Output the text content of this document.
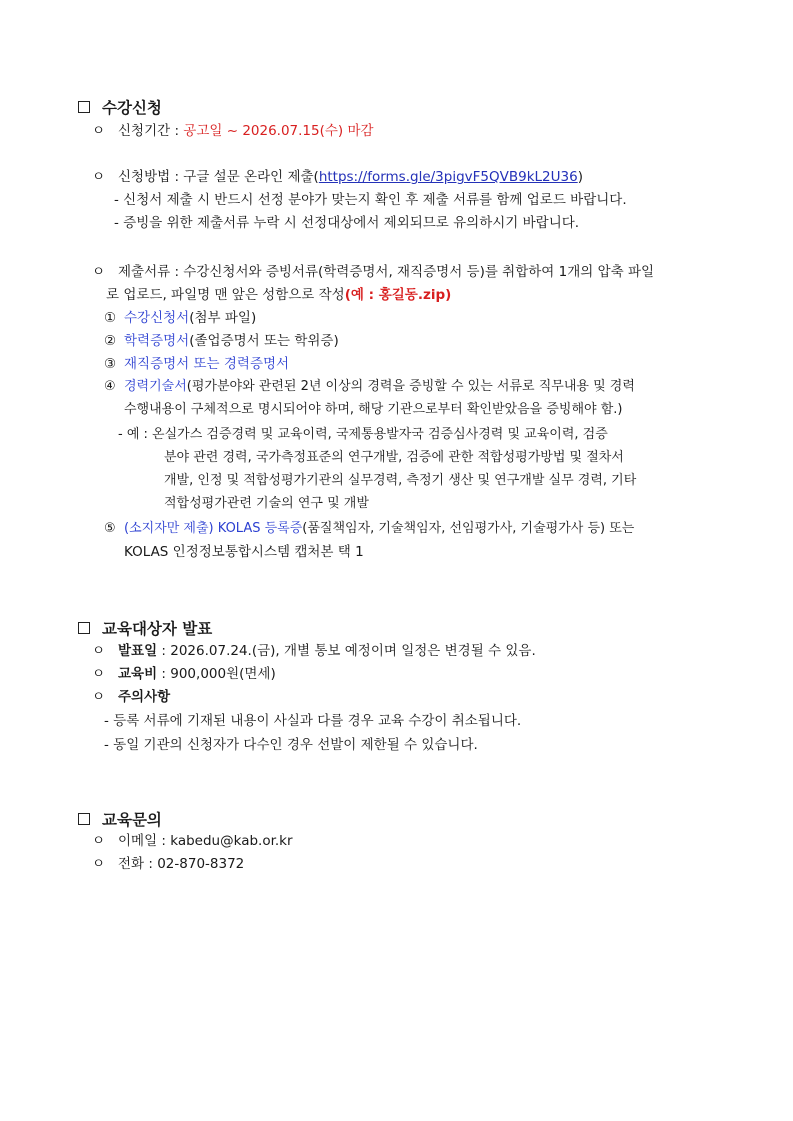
수강신청
ㅇ 신청기간 : 공고일 ~ 2026.07.15(수) 마감
ㅇ 신청방법 : 구글 설문 온라인 제출(https://forms.gle/3pigvF5QVB9kL2U36)
- 신청서 제출 시 반드시 선정 분야가 맞는지 확인 후 제출 서류를 함께 업로드 바랍니다.
- 증빙을 위한 제출서류 누락 시 선정대상에서 제외되므로 유의하시기 바랍니다.
ㅇ 제출서류 : 수강신청서와 증빙서류(학력증명서, 재직증명서 등)를 취합하여 1개의 압축 파일
로 업로드, 파일명 맨 앞은 성함으로 작성(예 : 홍길동.zip)
① 수강신청서(첨부 파일)
② 학력증명서(졸업증명서 또는 학위증)
③ 재직증명서 또는 경력증명서
④ 경력기술서(평가분야와 관련된 2년 이상의 경력을 증빙할 수 있는 서류로 직무내용 및 경력
수행내용이 구체적으로 명시되어야 하며, 해당 기관으로부터 확인받았음을 증빙해야 함.)
- 예 : 온실가스 검증경력 및 교육이력, 국제통용발자국 검증심사경력 및 교육이력, 검증
분야 관련 경력, 국가측정표준의 연구개발, 검증에 관한 적합성평가방법 및 절차서
개발, 인정 및 적합성평가기관의 실무경력, 측정기 생산 및 연구개발 실무 경력, 기타
적합성평가관련 기술의 연구 및 개발
⑤ (소지자만 제출) KOLAS 등록증(품질책임자, 기술책임자, 선임평가사, 기술평가사 등) 또는
KOLAS 인정정보통합시스템 캡처본 택 1
교육대상자 발표
ㅇ 발표일 : 2026.07.24.(금), 개별 통보 예정이며 일정은 변경될 수 있음.
ㅇ 교육비 : 900,000원(면세)
ㅇ 주의사항
- 등록 서류에 기재된 내용이 사실과 다를 경우 교육 수강이 취소됩니다.
- 동일 기관의 신청자가 다수인 경우 선발이 제한될 수 있습니다.
교육문의
ㅇ 이메일 : kabedu@kab.or.kr
ㅇ 전화 : 02-870-8372
